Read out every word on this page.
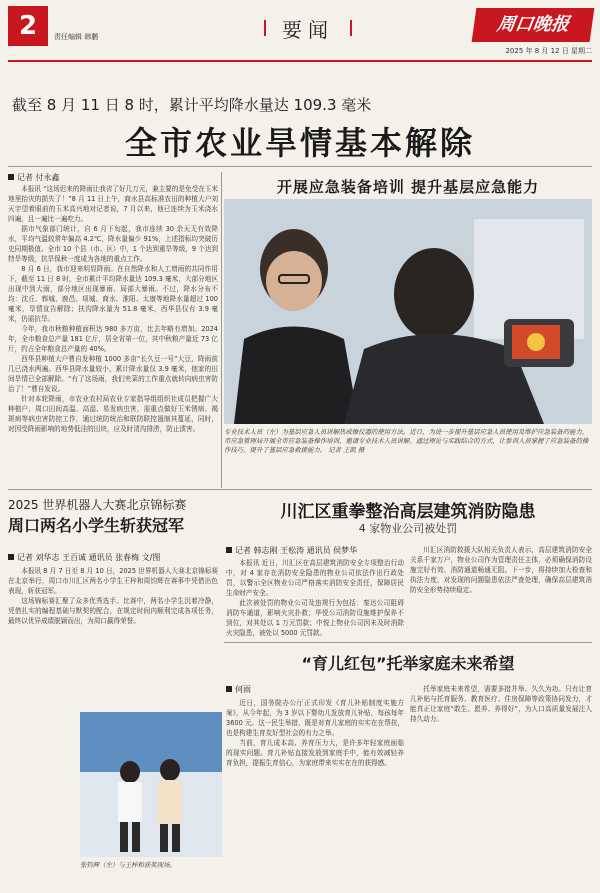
2	责任编辑 韩鹏	要闻	周口晚报
2025 年 8 月 12 日 星期二
截至 8 月 11 日 8 时，累计平均降水量达 109.3 毫米
全市农业旱情基本解除
记者 付永鑫

本报讯 “这场迟来的降雨让我省了好几万元，兼主要的是免受在玉米地里抬灾的损失了！”8 月 11 日上午，商水县高标准农田的种植大户刘天宇望着眼前的玉米高兴地对记者说，7 月以来，他已连续为玉米浇水四遍，且一遍比一遍吃力。

据市气象部门统计，自 6 月下旬起，我市连续 30 余天无有效降水，平均气温较常年偏高 4.2℃，降水量偏少 91%，上述指标均突破历史同期极值。全市 10 个县（市、区）中，1 个达到重旱等级，9 个达到特旱等级，抗旱保秋一度成为各地的重点工作。

8 月 6 日，我市迎来明显降雨。在自然降水和人工增雨的共同作用下，截至 11 日 8 时，全市累计平均降水量达 109.3 毫米，大部分地区出现中到大雨，部分地区出现暴雨、局部大暴雨。不过，降水分布不均：沈丘、郸城、鹿邑、项城、商水、淮阳、太康等地降水量超过 100 毫米，旱情宣告解除；扶沟降水量为 51.8 毫米，西华县仅有 3.9 毫米，仍需抗旱。

今年，我市秋粮种植面积达 980 多万亩，比去年略有增加。2024 年，全市粮食总产量 181 亿斤，居全省第一位，其中秋粮产量近 73 亿斤，约占全年粮食总产量的 40%。

西华县种植大户曹自发种植 1000 多亩“长久豆一号”大豆，降雨前几已浇水两遍。西华县降水量较小，累计降水量仅 3.9 毫米，他家的田间旱情已全部解除。“有了这场雨，我们夹菜的工作重点就转向病虫害防治了！”曹自发说。

针对本轮降雨，市农业农村局农业专家指导组组织社成员把握广大种植户，周口田间高温、高湿、易发病虫害，需重点做好玉米锈病、褐斑病等病虫害防控工作，通过统防统治和联防联控遏制其蔓延，同时，对因受降雨影响的地势低洼的田块，应及时清沟排涝，防止渍害。

开展应急装备培训 提升基层应急能力
专业技术人员（左）为基层应急人员讲解热成像仪器的使用方法。近日，为进一步提升基层应急人员使用及维护应急装备的能力，市应急管理局开展全市应急装备操作培训，邀请专业技术人员讲解。通过理论与实践结合的方式，让参训人员掌握了应急装备的操作技巧，提升了基层应急救援能力。 记者 王凯 摄
2025 世界机器人大赛北京锦标赛
周口两名小学生斩获冠军
记者 刘华志 王百诚 通讯员 张春梅 文/图

本报讯 8 月 7 日至 8 月 10 日，2025 世界机器人大赛北京锦标赛在北京举行，周口市川汇区两名小学生王梓和周钧辉在赛事中凭借出色表现，斩获冠军。

这场锦标赛汇聚了众多优秀选手。比赛中，两名小学生沉着冷静，凭借扎实的编程基础与默契的配合，在规定时间内顺利完成各项任务，最终以优异成绩脱颖而出，为周口赢得荣誉。

张钧辉（左）与王梓和获奖现场。
川汇区重拳整治高层建筑消防隐患
4 家物业公司被处罚
记者 韩志刚 王松涛 通讯员 侯梦华

本报讯 近日，川汇区在高层建筑消防安全专项整治行动中，对 4 家存在消防安全隐患的物业公司依法作出行政处罚，以警示全区物业公司严格落实消防安全责任，保障居民生命财产安全。

此次被处罚的物业公司及违规行为包括：秦达公司阻碍消防车通道，影响火灾扑救；华悦公司消防设施维护保养不到位，对其处以 1 万元罚款；中悦上物业公司因未及时消除火灾隐患，被处以 5000 元罚款。

川汇区消防救援大队相关负责人表示，高层建筑消防安全关系千家万户，物业公司作为管理责任主体，必须确保消防设施完好有效、消防通道畅通无阻。下一步，将持续加大检查和执法力度，对发现的问题隐患依法严查处理，确保高层建筑消防安全形势持续稳定。

“育儿红包”托举家庭未来希望
何雨

近日，国务院办公厅正式印发《育儿补贴制度实施方案》，从今年起，为 3 岁以下婴幼儿发放育儿补贴，每孩每年 3600 元。这一民生举措，既是对育儿家庭的实实在在帮扶，也是构建生育友好型社会的有力之举。

当前，育儿成本高、养育压力大，是许多年轻家庭面临的现实问题。育儿补贴直接发放到家庭手中，能有效减轻养育负担，提振生育信心，为家庭带来实实在在的获得感。

托举家庭未来希望，需要多措并举、久久为功。只有让育儿补贴与托育服务、教育医疗、住房保障等政策协同发力，才能真正让家庭“敢生、愿养、养得好”，为人口高质量发展注入持久动力。
